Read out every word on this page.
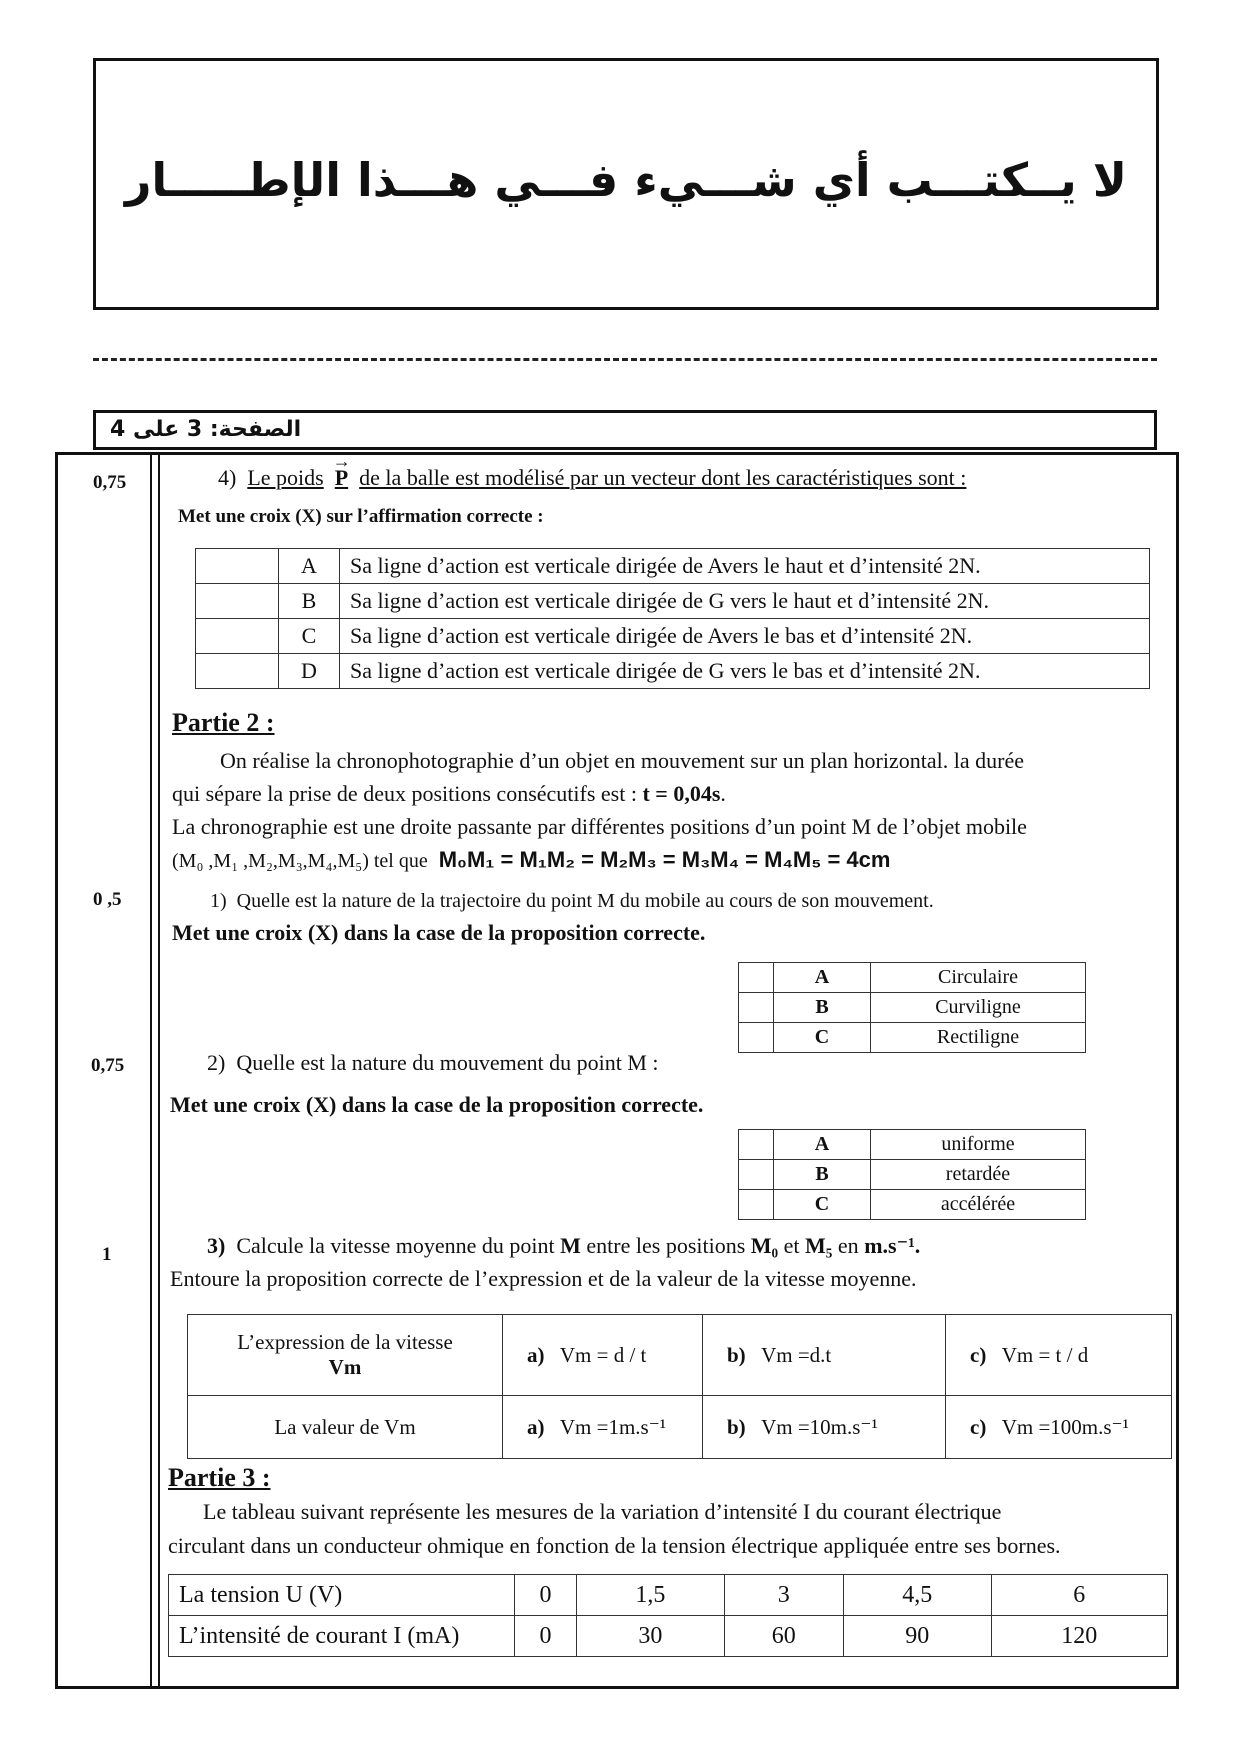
لا يــكتـــب أي شـــيء فـــي هـــذا الإطـــــار
الصفحة: 3 على 4
0,75
0 ,5
0,75
1
4) Le poids → P de la balle est modélisé par un vecteur dont les caractéristiques sont :
Met une croix (X) sur l’affirmation correcte :
	A	Sa ligne d’action est verticale dirigée de Avers le haut et d’intensité 2N.
	B	Sa ligne d’action est verticale dirigée de G vers le haut et d’intensité 2N.
	C	Sa ligne d’action est verticale dirigée de Avers le bas et d’intensité 2N.
	D	Sa ligne d’action est verticale dirigée de G vers le bas et d’intensité 2N.
Partie 2 :
On réalise la chronophotographie d’un objet en mouvement sur un plan horizontal. la durée
qui sépare la prise de deux positions consécutifs est : t = 0,04s.
La chronographie est une droite passante par différentes positions d’un point M de l’objet mobile
(M₀ ,M₁ ,M₂,M₃,M₄,M₅) tel que M₀M₁ = M₁M₂ = M₂M₃ = M₃M₄ = M₄M₅ = 4cm
1) Quelle est la nature de la trajectoire du point M du mobile au cours de son mouvement.
Met une croix (X) dans la case de la proposition correcte.
	A	Circulaire
	B	Curviligne
	C	Rectiligne
2) Quelle est la nature du mouvement du point M :
Met une croix (X) dans la case de la proposition correcte.
	A	uniforme
	B	retardée
	C	accélérée
3) Calcule la vitesse moyenne du point M entre les positions M₀ et M₅ en m.s⁻¹.
Entoure la proposition correcte de l’expression et de la valeur de la vitesse moyenne.
L’expression de la vitesse
Vm	a) Vm = d / t	b) Vm =d.t	c) Vm = t / d
La valeur de Vm	a) Vm =1m.s⁻¹	b) Vm =10m.s⁻¹	c) Vm =100m.s⁻¹
Partie 3 :
Le tableau suivant représente les mesures de la variation d’intensité I du courant électrique
circulant dans un conducteur ohmique en fonction de la tension électrique appliquée entre ses bornes.
La tension U (V)	0	1,5	3	4,5	6
L’intensité de courant I (mA)	0	30	60	90	120
